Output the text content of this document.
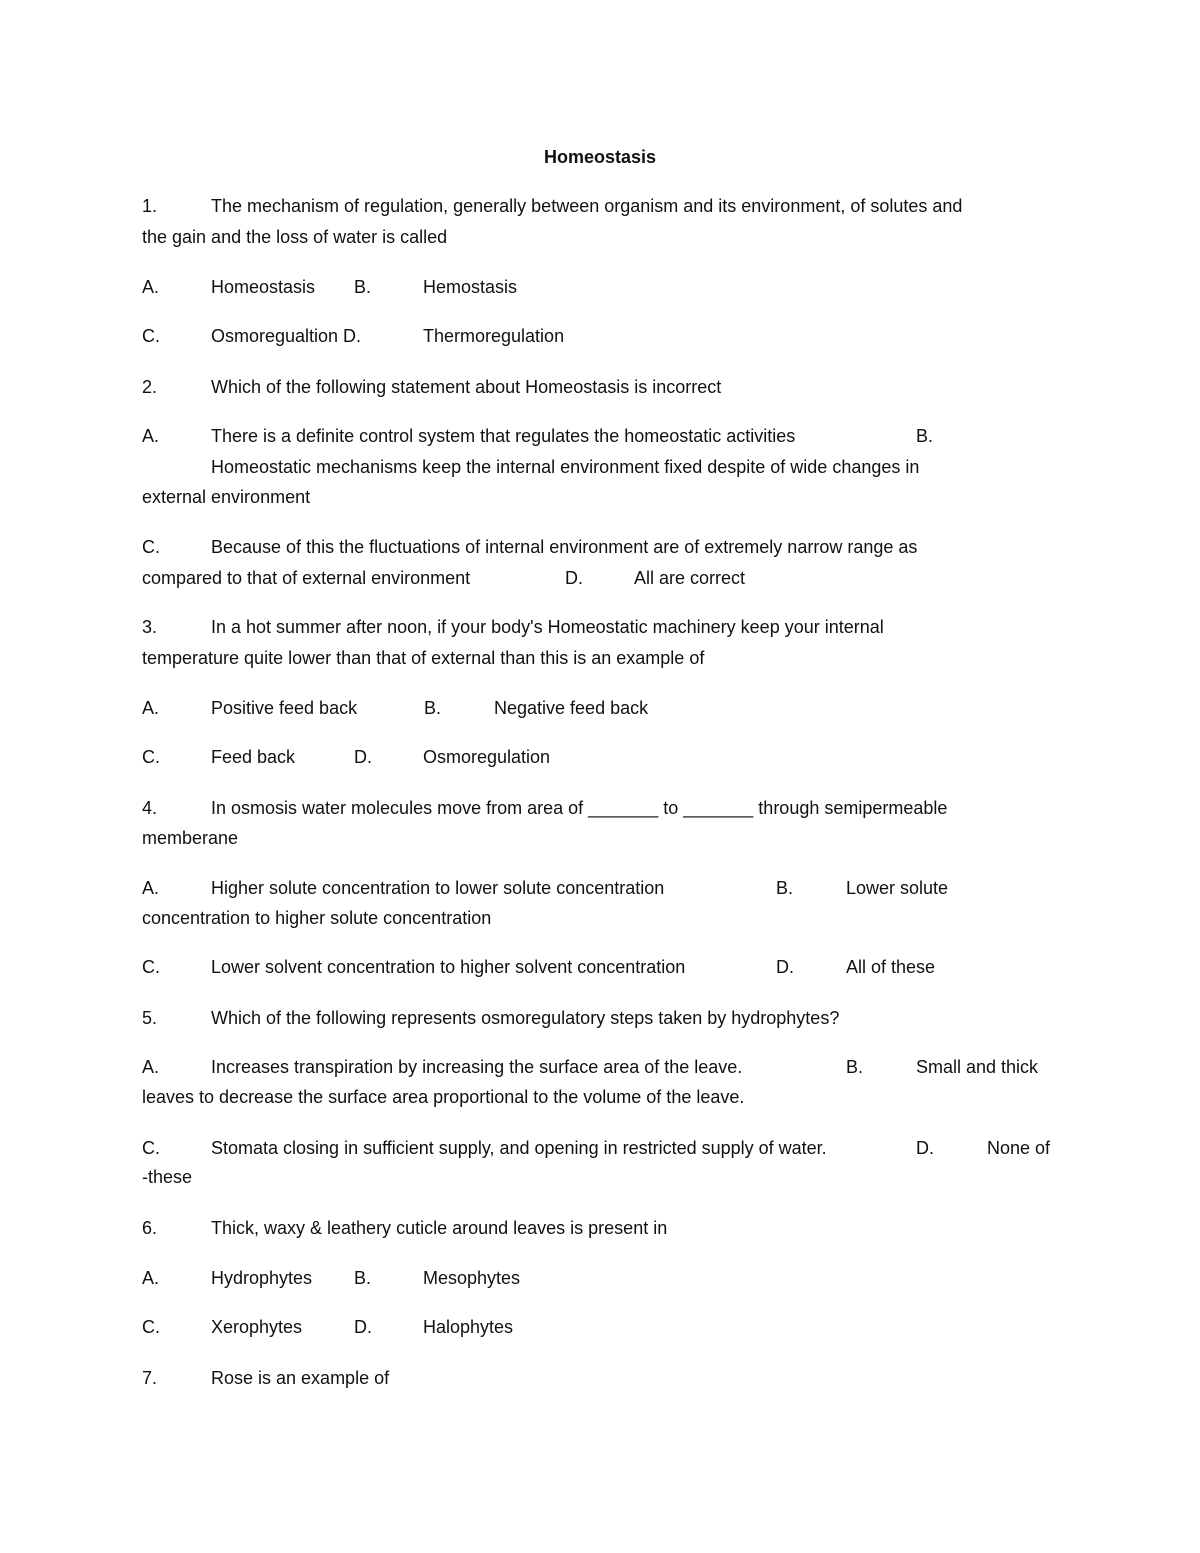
Homeostasis
1.	The mechanism of regulation, generally between organism and its environment, of solutes and
the gain and the loss of water is called
A.	Homeostasis B.	Hemostasis
C.	Osmoregualtion D.	Thermoregulation
2.	Which of the following statement about Homeostasis is incorrect
A.	There is a definite control system that regulates the homeostatic activities	B.
Homeostatic mechanisms keep the internal environment fixed despite of wide changes in
external environment
C.	Because of this the fluctuations of internal environment are of extremely narrow range as
compared to that of external environment	D.	All are correct
3.	In a hot summer after noon, if your body's Homeostatic machinery keep your internal
temperature quite lower than that of external than this is an example of
A.	Positive feed back	B.	Negative feed back
C.	Feed back	D.	Osmoregulation
4.	In osmosis water molecules move from area of _______ to _______ through semipermeable
memberane
A.	Higher solute concentration to lower solute concentration	B.	Lower solute
concentration to higher solute concentration
C.	Lower solvent concentration to higher solvent concentration	D.	All of these
5.	Which of the following represents osmoregulatory steps taken by hydrophytes?
A.	Increases transpiration by increasing the surface area of the leave.	B.	Small and thick
leaves to decrease the surface area proportional to the volume of the leave.
C.	Stomata closing in sufficient supply, and opening in restricted supply of water.	D.	None of
-these
6.	Thick, waxy & leathery cuticle around leaves is present in
A.	Hydrophytes B.	Mesophytes
C.	Xerophytes	D.	Halophytes
7.	Rose is an example of
